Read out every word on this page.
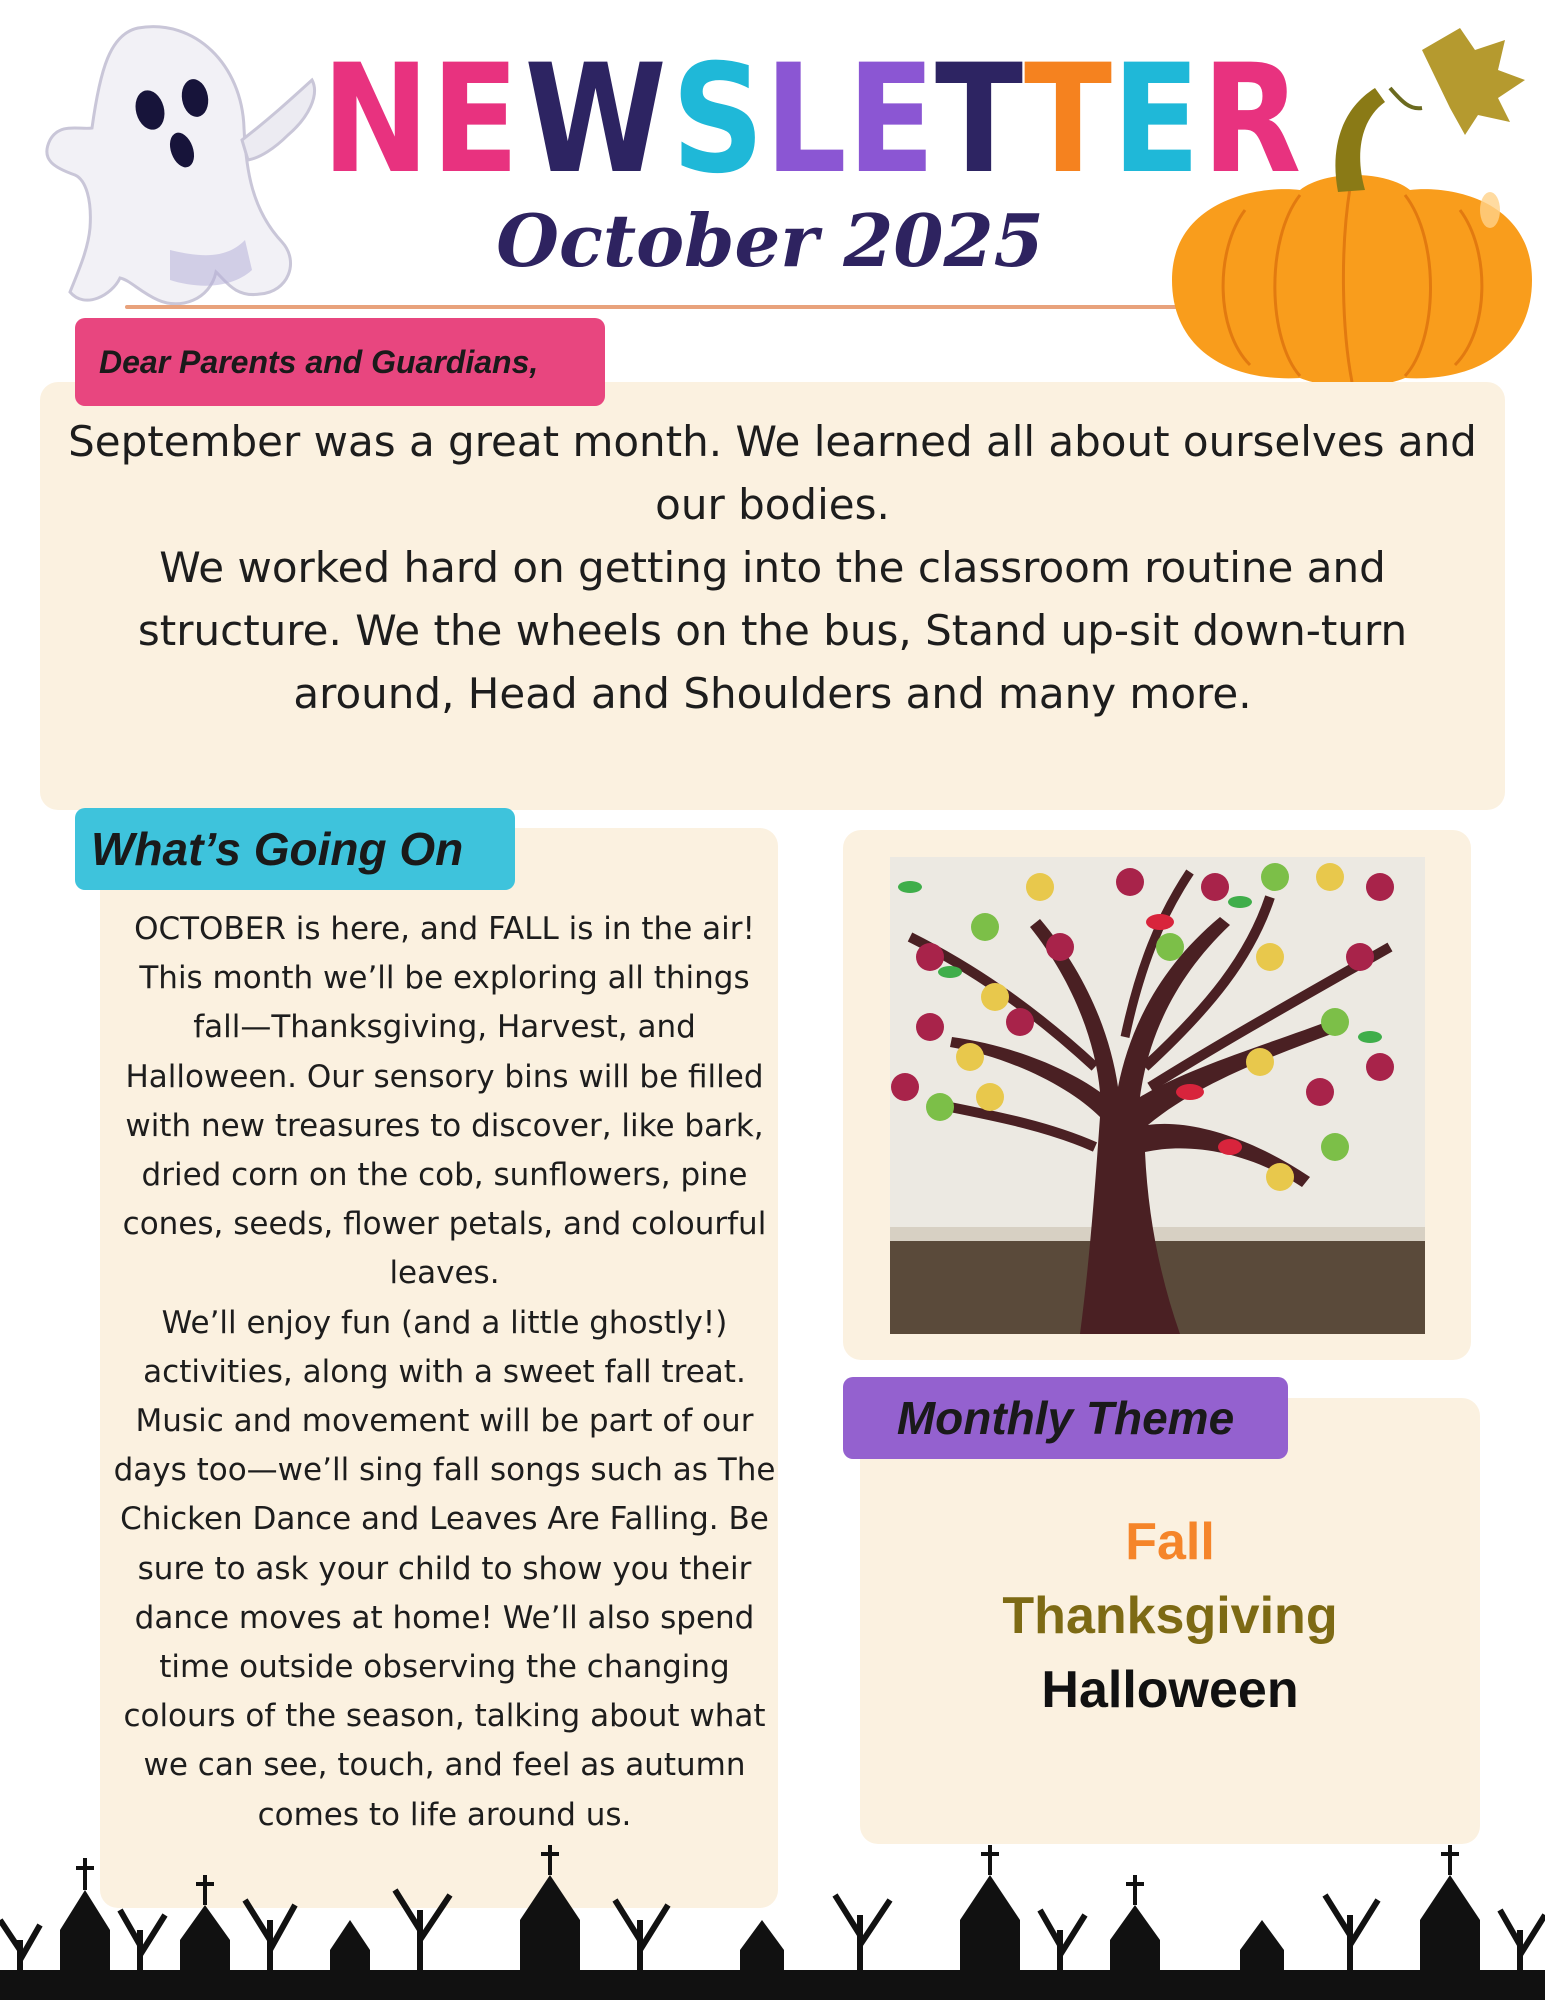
N E W S L E T T E R
October 2025
Dear Parents and Guardians,

September was a great month. We learned all about ourselves and our bodies.

We worked hard on getting into the classroom routine and structure. We the wheels on the bus, Stand up-sit down-turn around, Head and Shoulders and many more.

What’s Going On

OCTOBER is here, and FALL is in the air! This month we’ll be exploring all things fall—Thanksgiving, Harvest, and Halloween. Our sensory bins will be filled with new treasures to discover, like bark, dried corn on the cob, sunflowers, pine cones, seeds, flower petals, and colourful leaves.

We’ll enjoy fun (and a little ghostly!) activities, along with a sweet fall treat. Music and movement will be part of our days too—we’ll sing fall songs such as The Chicken Dance and Leaves Are Falling. Be sure to ask your child to show you their dance moves at home! We’ll also spend time outside observing the changing colours of the season, talking about what we can see, touch, and feel as autumn comes to life around us.

Monthly Theme
Fall
Thanksgiving
Halloween
